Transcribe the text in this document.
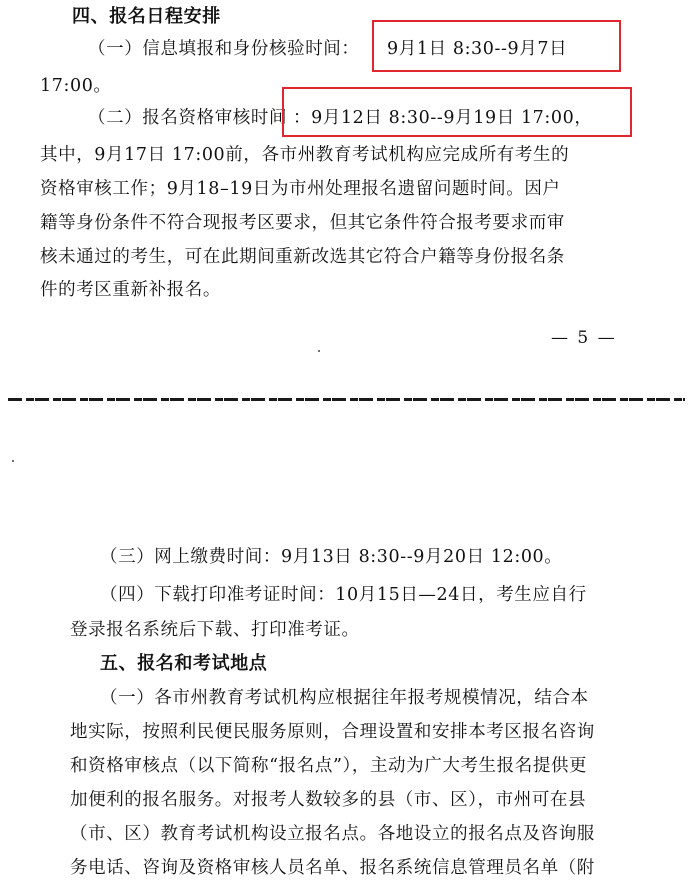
四、报名日程安排
（一）信息填报和身份核验时间： 9月1日 8:30--9月7日
17:00。
（二）报名资格审核时间 ：9月12日 8:30--9月19日 17:00，
其中，9月17日 17:00前，各市州教育考试机构应完成所有考生的
资格审核工作；9月18–19日为市州处理报名遗留问题时间。因户
籍等身份条件不符合现报考区要求，但其它条件符合报考要求而审
核未通过的考生，可在此期间重新改选其它符合户籍等身份报名条
件的考区重新补报名。
— 5 —
（三）网上缴费时间：9月13日 8:30--9月20日 12:00。
（四）下载打印准考证时间：10月15日—24日，考生应自行
登录报名系统后下载、打印准考证。
五、报名和考试地点
（一）各市州教育考试机构应根据往年报考规模情况，结合本
地实际，按照利民便民服务原则，合理设置和安排本考区报名咨询
和资格审核点（以下简称“报名点”），主动为广大考生报名提供更
加便利的报名服务。对报考人数较多的县（市、区），市州可在县
（市、区）教育考试机构设立报名点。各地设立的报名点及咨询服
务电话、咨询及资格审核人员名单、报名系统信息管理员名单（附
